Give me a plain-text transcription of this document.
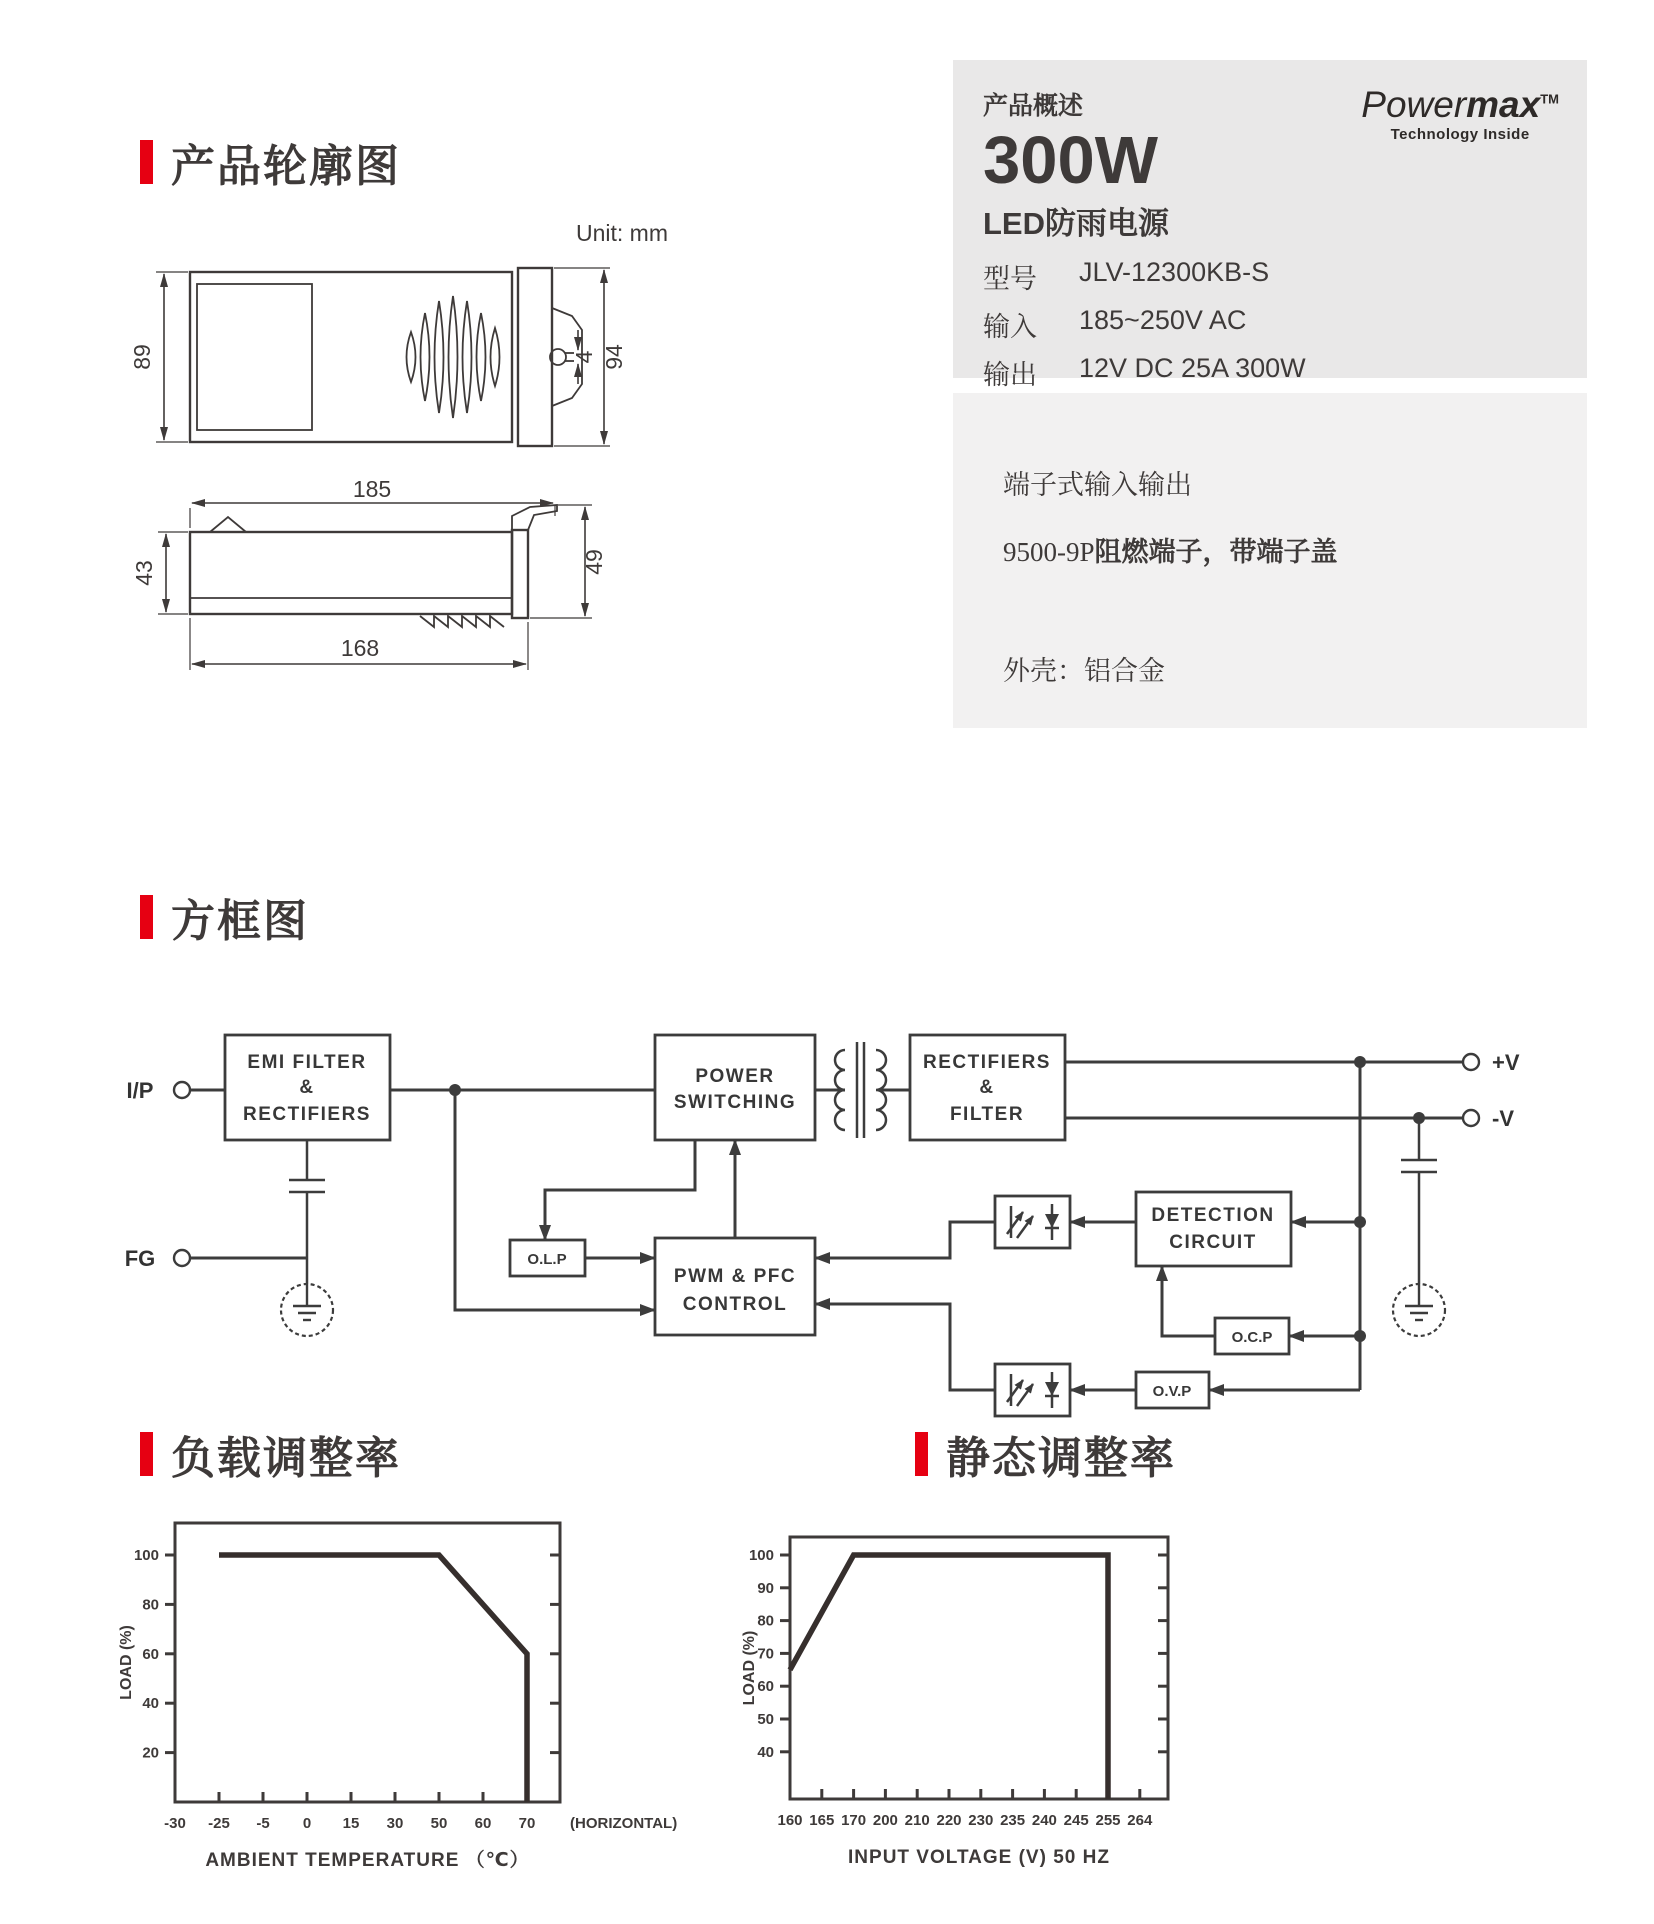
产品轮廓图
Unit: mm
89	4 94
185
43	49
168
产品概述	Powermax™
Technology Inside
300W
LED防雨电源
型号	JLV-12300KB-S
输入	185~250V AC
输出	12V DC 25A 300W
端子式输入输出
9500-9P阻燃端子，带端子盖
外壳：铝合金
方框图
I/P
FG
EMI FILTER
&
RECTIFIERS
POWER
SWITCHING
RECTIFIERS
&
FILTER
+V
-V
DETECTION
CIRCUIT
O.C.P
O.V.P
PWM & PFC
CONTROL
O.L.P
负载调整率	静态调整率
20
40
60
80
100
-30 -25 -5 0 15 30 50 60 70 (HORIZONTAL)
AMBIENT TEMPERATURE （℃）
LOAD (%)
40
50
60
70
80
90
100
160 165 170 200 210 220 230 235 240 245 255 264
INPUT VOLTAGE (V) 50 HZ
LOAD (%)
